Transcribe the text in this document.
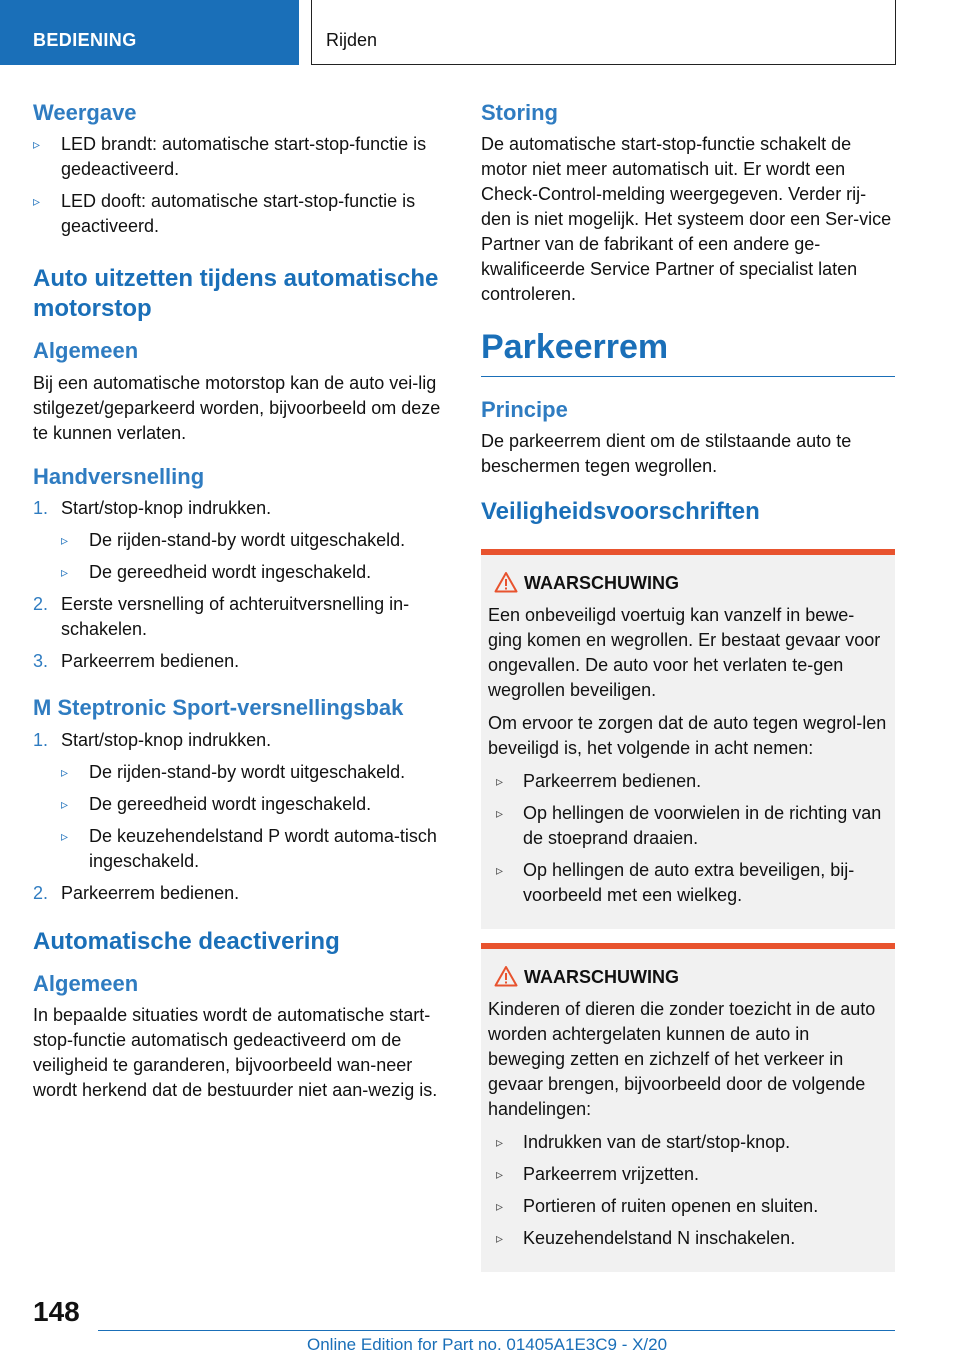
BEDIENING	Rijden
Weergave
▹ LED brandt: automatische start-stop-functie is gedeactiveerd.
▹ LED dooft: automatische start-stop-functie is geactiveerd.
Auto uitzetten tijdens automatische motorstop
Algemeen
Bij een automatische motorstop kan de auto vei-lig stilgezet/geparkeerd worden, bijvoorbeeld om deze te kunnen verlaten.
Handversnelling
1. Start/stop-knop indrukken.
▹ De rijden-stand-by wordt uitgeschakeld.
▹ De gereedheid wordt ingeschakeld.
2. Eerste versnelling of achteruitversnelling in-schakelen.
3. Parkeerrem bedienen.
M Steptronic Sport-versnellingsbak
1. Start/stop-knop indrukken.
▹ De rijden-stand-by wordt uitgeschakeld.
▹ De gereedheid wordt ingeschakeld.
▹ De keuzehendelstand P wordt automa-tisch ingeschakeld.
2. Parkeerrem bedienen.
Automatische deactivering
Algemeen
In bepaalde situaties wordt de automatische start-stop-functie automatisch gedeactiveerd om de veiligheid te garanderen, bijvoorbeeld wan-neer wordt herkend dat de bestuurder niet aan-wezig is.
Storing
De automatische start-stop-functie schakelt de motor niet meer automatisch uit. Er wordt een Check-Control-melding weergegeven. Verder rij-den is niet mogelijk. Het systeem door een Ser-vice Partner van de fabrikant of een andere ge-kwalificeerde Service Partner of specialist laten controleren.
Parkeerrem
Principe
De parkeerrem dient om de stilstaande auto te beschermen tegen wegrollen.
Veiligheidsvoorschriften
WAARSCHUWING
Een onbeveiligd voertuig kan vanzelf in bewe-ging komen en wegrollen. Er bestaat gevaar voor ongevallen. De auto voor het verlaten te-gen wegrollen beveiligen.
Om ervoor te zorgen dat de auto tegen wegrol-len beveiligd is, het volgende in acht nemen:
▹ Parkeerrem bedienen.
▹ Op hellingen de voorwielen in de richting van de stoeprand draaien.
▹ Op hellingen de auto extra beveiligen, bij-voorbeeld met een wielkeg.
WAARSCHUWING
Kinderen of dieren die zonder toezicht in de auto worden achtergelaten kunnen de auto in beweging zetten en zichzelf of het verkeer in gevaar brengen, bijvoorbeeld door de volgende handelingen:
▹ Indrukken van de start/stop-knop.
▹ Parkeerrem vrijzetten.
▹ Portieren of ruiten openen en sluiten.
▹ Keuzehendelstand N inschakelen.
148
Online Edition for Part no. 01405A1E3C9 - X/20
